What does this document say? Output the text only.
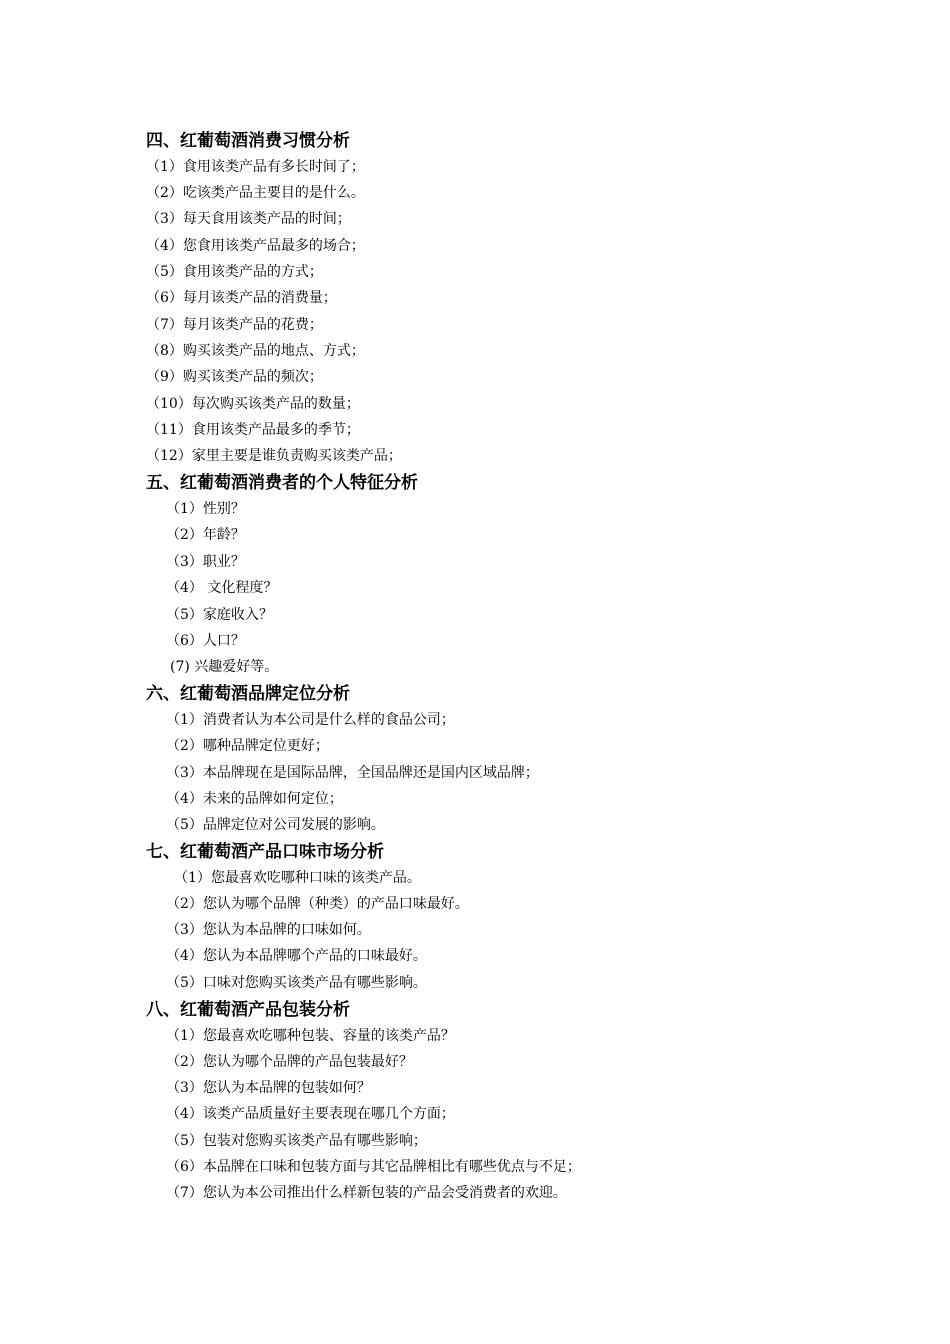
四、红葡萄酒消费习惯分析
（1）食用该类产品有多长时间了；
（2）吃该类产品主要目的是什么。
（3）每天食用该类产品的时间；
（4）您食用该类产品最多的场合；
（5）食用该类产品的方式；
（6）每月该类产品的消费量；
（7）每月该类产品的花费；
（8）购买该类产品的地点、方式；
（9）购买该类产品的频次；
（10）每次购买该类产品的数量；
（11）食用该类产品最多的季节；
（12）家里主要是谁负责购买该类产品；
五、红葡萄酒消费者的个人特征分析
（1）性别？
（2）年龄？
（3）职业？
（4） 文化程度？
（5）家庭收入？
（6）人口？
(7) 兴趣爱好等。
六、红葡萄酒品牌定位分析
（1）消费者认为本公司是什么样的食品公司；
（2）哪种品牌定位更好；
（3）本品牌现在是国际品牌，全国品牌还是国内区域品牌；
（4）未来的品牌如何定位；
（5）品牌定位对公司发展的影响。
七、红葡萄酒产品口味市场分析
（1）您最喜欢吃哪种口味的该类产品。
（2）您认为哪个品牌（种类）的产品口味最好。
（3）您认为本品牌的口味如何。
（4）您认为本品牌哪个产品的口味最好。
（5）口味对您购买该类产品有哪些影响。
八、红葡萄酒产品包装分析
（1）您最喜欢吃哪种包装、容量的该类产品？
（2）您认为哪个品牌的产品包装最好？
（3）您认为本品牌的包装如何？
（4）该类产品质量好主要表现在哪几个方面；
（5）包装对您购买该类产品有哪些影响；
（6）本品牌在口味和包装方面与其它品牌相比有哪些优点与不足；
（7）您认为本公司推出什么样新包装的产品会受消费者的欢迎。
